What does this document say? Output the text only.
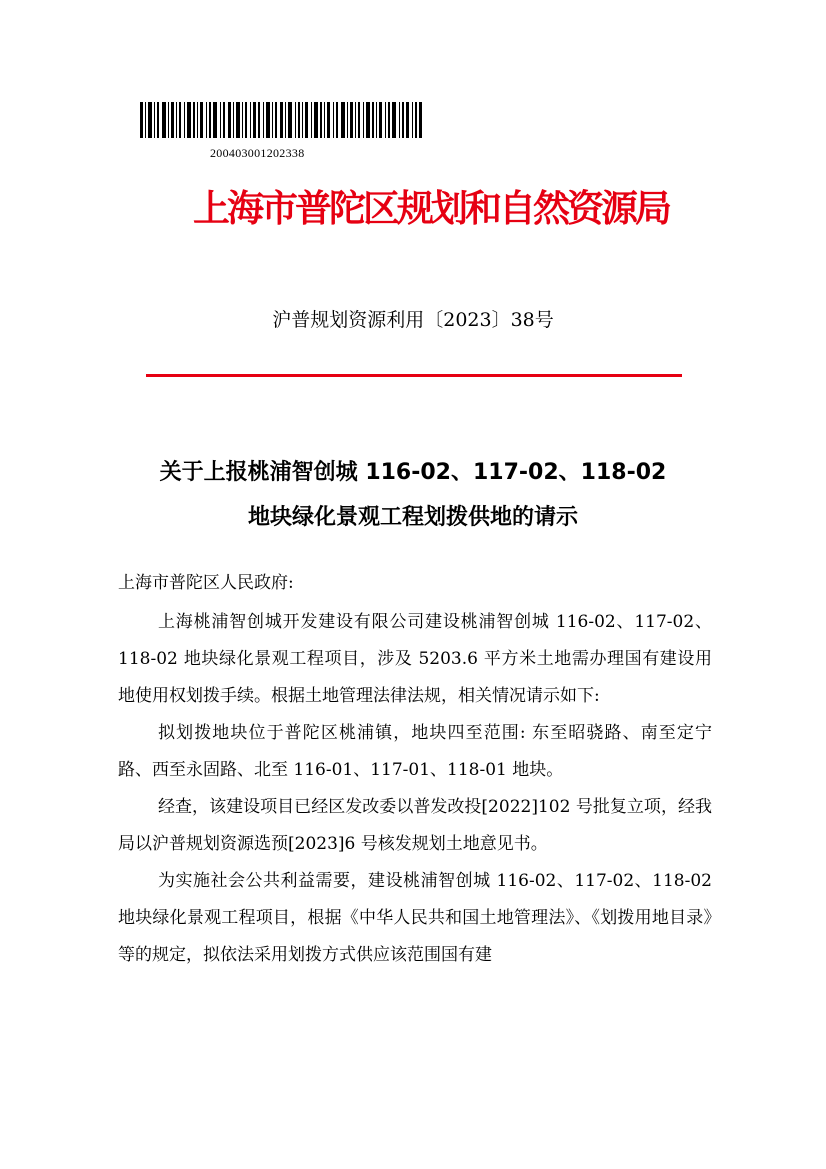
200403001202338
上海市普陀区规划和自然资源局
沪普规划资源利用〔2023〕38号
关于上报桃浦智创城 116-02、117-02、118-02
地块绿化景观工程划拨供地的请示
上海市普陀区人民政府:

上海桃浦智创城开发建设有限公司建设桃浦智创城 116-02、117-02、118-02 地块绿化景观工程项目，涉及 5203.6 平方米土地需办理国有建设用地使用权划拨手续。根据土地管理法律法规，相关情况请示如下:

拟划拨地块位于普陀区桃浦镇，地块四至范围: 东至昭骁路、南至定宁路、西至永固路、北至 116-01、117-01、118-01 地块。

经查，该建设项目已经区发改委以普发改投[2022]102 号批复立项，经我局以沪普规划资源选预[2023]6 号核发规划土地意见书。

为实施社会公共利益需要，建设桃浦智创城 116-02、117-02、118-02 地块绿化景观工程项目，根据《中华人民共和国土地管理法》、《划拨用地目录》等的规定，拟依法采用划拨方式供应该范围国有建
